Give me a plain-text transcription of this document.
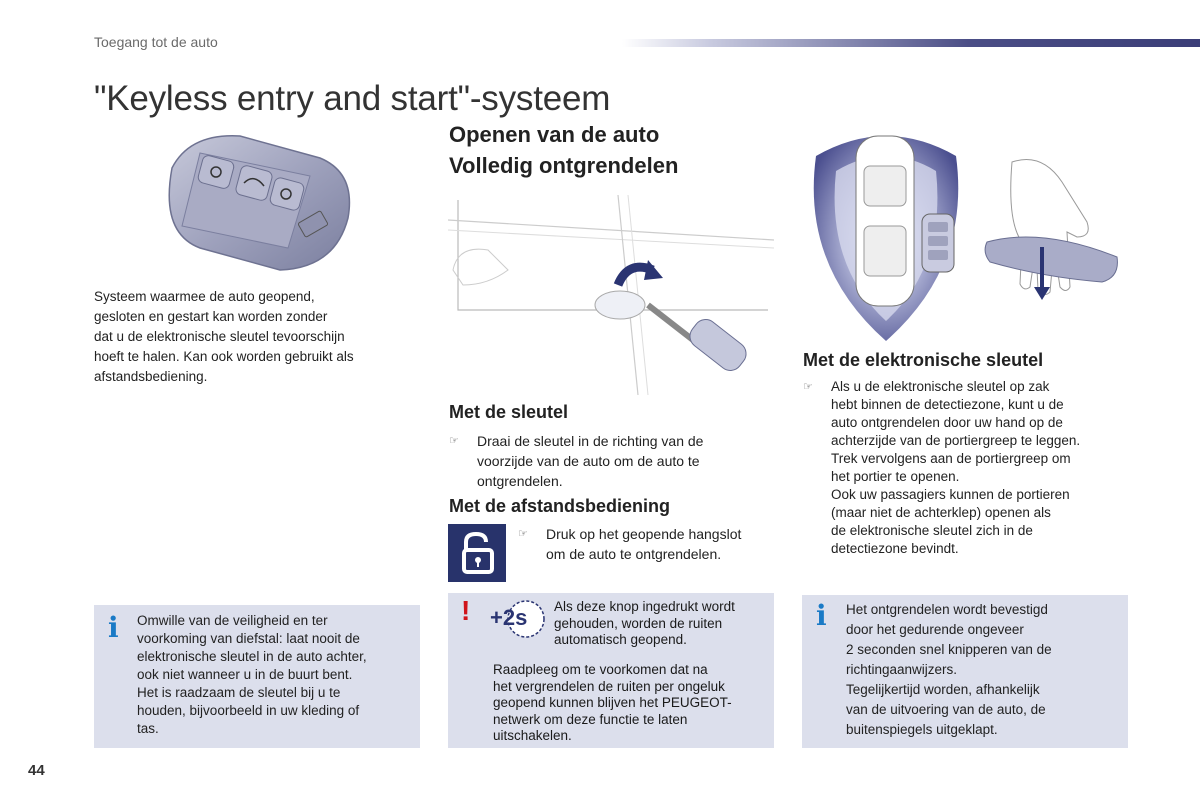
Toegang tot de auto
"Keyless entry and start"-systeem
Systeem waarmee de auto geopend,
gesloten en gestart kan worden zonder
dat u de elektronische sleutel tevoorschijn
hoeft te halen. Kan ook worden gebruikt als
afstandsbediening.
Openen van de auto
Volledig ontgrendelen
Met de sleutel
☞ Draai de sleutel in de richting van de
voorzijde van de auto om de auto te
ontgrendelen.
Met de afstandsbediening
☞ Druk op het geopende hangslot
om de auto te ontgrendelen.
Met de elektronische sleutel
☞ Als u de elektronische sleutel op zak
hebt binnen de detectiezone, kunt u de
auto ontgrendelen door uw hand op de
achterzijde van de portiergreep te leggen.
Trek vervolgens aan de portiergreep om
het portier te openen.
Ook uw passagiers kunnen de portieren
(maar niet de achterklep) openen als
de elektronische sleutel zich in de
detectiezone bevindt.
i Omwille van de veiligheid en ter
voorkoming van diefstal: laat nooit de
elektronische sleutel in de auto achter,
ook niet wanneer u in de buurt bent.
Het is raadzaam de sleutel bij u te
houden, bijvoorbeeld in uw kleding of
tas.
! +2s Als deze knop ingedrukt wordt
gehouden, worden de ruiten
automatisch geopend.
Raadpleeg om te voorkomen dat na
het vergrendelen de ruiten per ongeluk
geopend kunnen blijven het PEUGEOT-
netwerk om deze functie te laten
uitschakelen.
i Het ontgrendelen wordt bevestigd
door het gedurende ongeveer
2 seconden snel knipperen van de
richtingaanwijzers.
Tegelijkertijd worden, afhankelijk
van de uitvoering van de auto, de
buitenspiegels uitgeklapt.
44
